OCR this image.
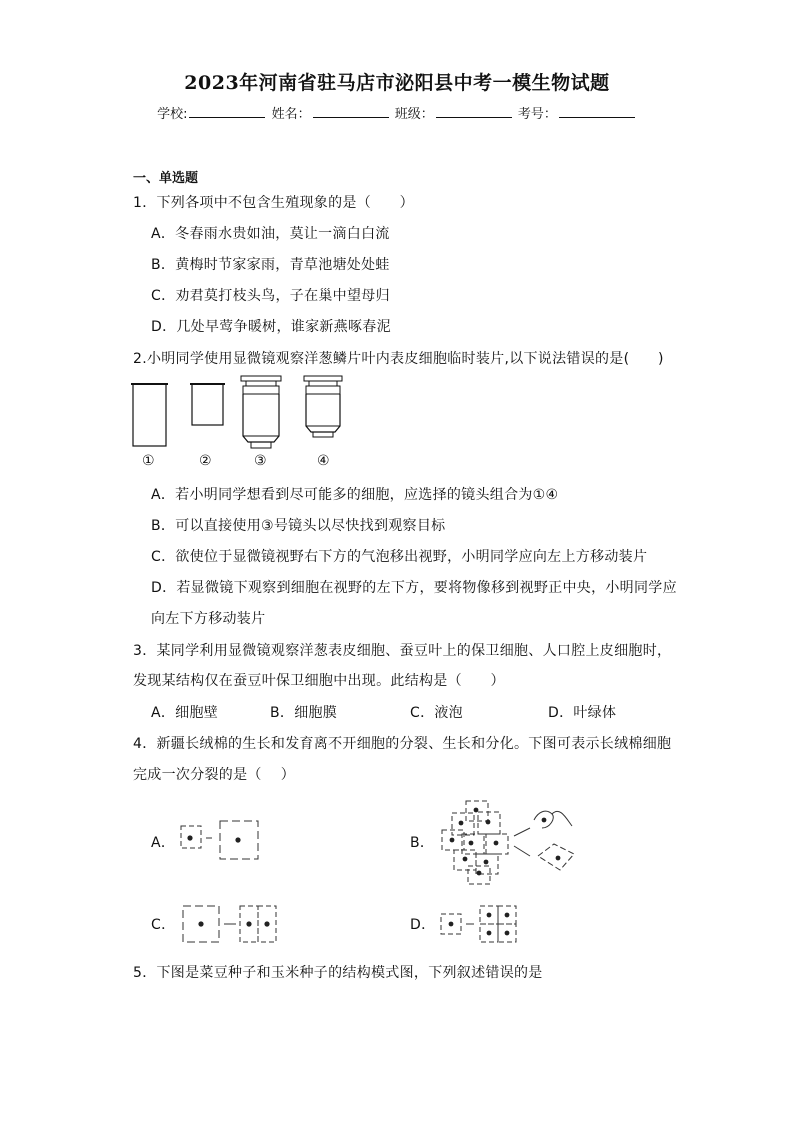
2023年河南省驻马店市泌阳县中考一模生物试题
学校:	姓名：	班级：	考号：
一、单选题
1．下列各项中不包含生殖现象的是（　　）
A．冬春雨水贵如油，莫让一滴白白流
B．黄梅时节家家雨，青草池塘处处蛙
C．劝君莫打枝头鸟，子在巢中望母归
D．几处早莺争暖树，谁家新燕啄春泥
2.小明同学使用显微镜观察洋葱鳞片叶内表皮细胞临时装片,以下说法错误的是(　　)
①	②	③	④
A．若小明同学想看到尽可能多的细胞，应选择的镜头组合为①④
B．可以直接使用③号镜头以尽快找到观察目标
C．欲使位于显微镜视野右下方的气泡移出视野，小明同学应向左上方移动装片
D．若显微镜下观察到细胞在视野的左下方，要将物像移到视野正中央，小明同学应
向左下方移动装片
3．某同学利用显微镜观察洋葱表皮细胞、蚕豆叶上的保卫细胞、人口腔上皮细胞时，
发现某结构仅在蚕豆叶保卫细胞中出现。此结构是（　　）
A．细胞壁	B．细胞膜	C．液泡	D．叶绿体
4．新疆长绒棉的生长和发育离不开细胞的分裂、生长和分化。下图可表示长绒棉细胞
完成一次分裂的是（　 ）
A．	B．
C．	D．
5．下图是菜豆种子和玉米种子的结构模式图，下列叙述错误的是
